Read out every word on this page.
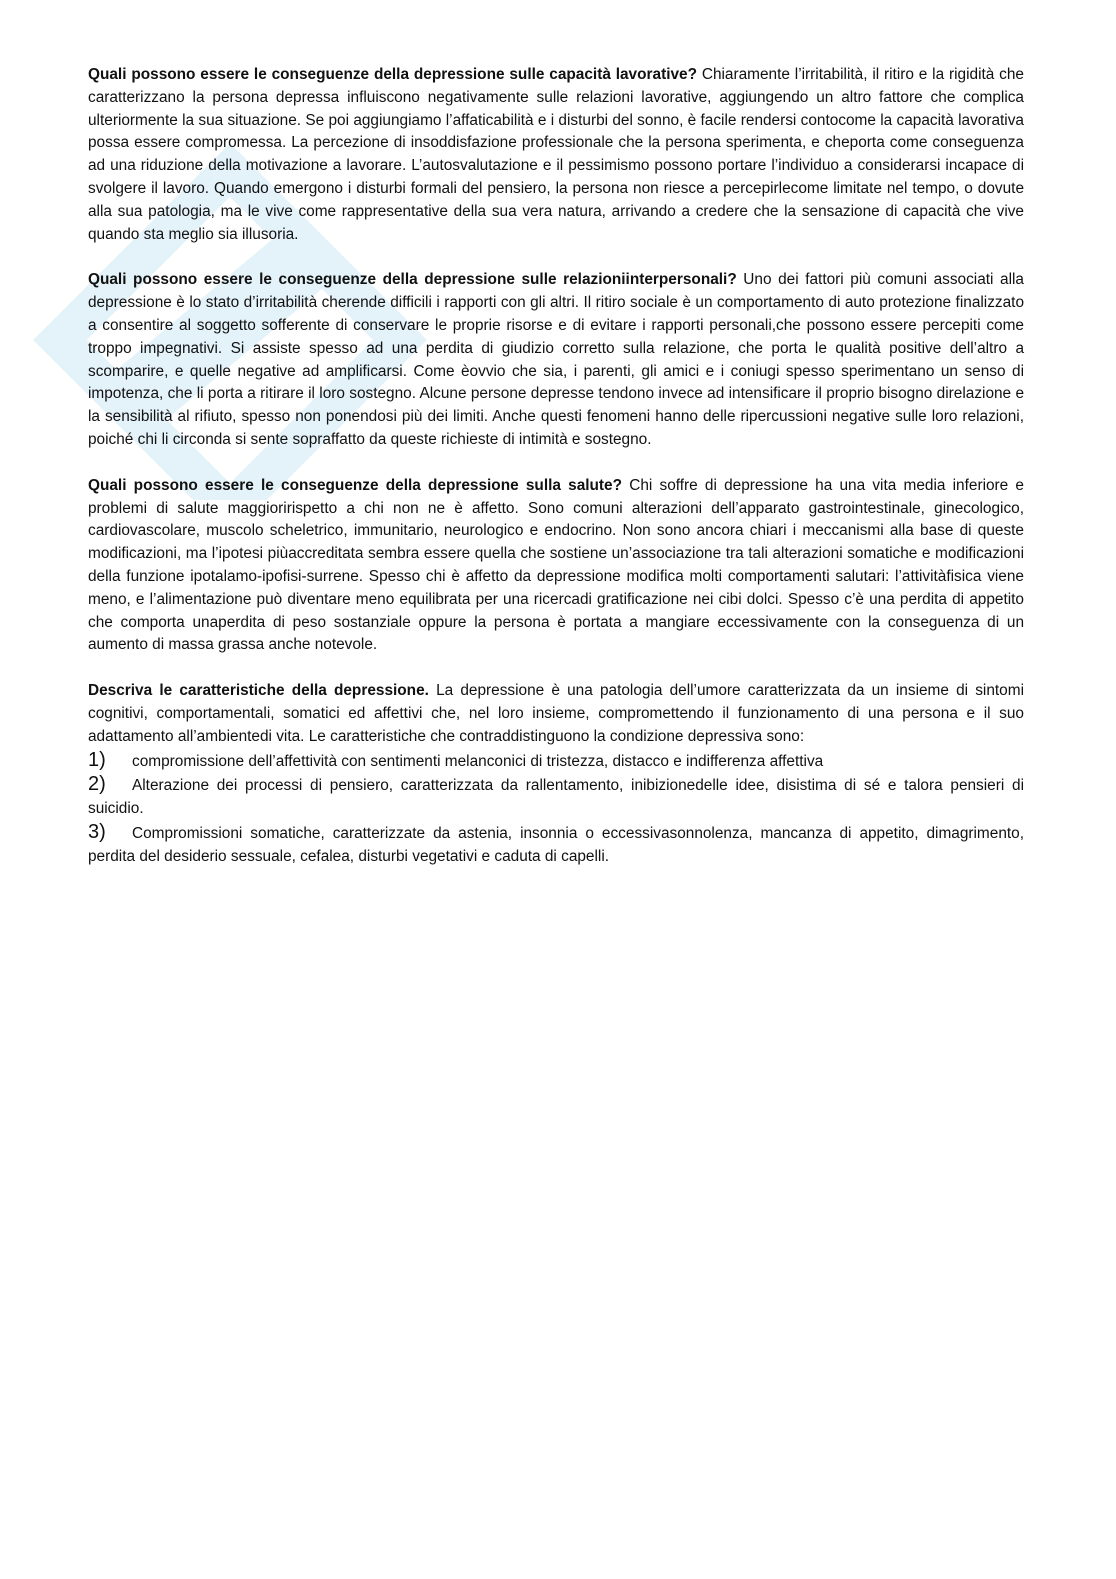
Quali possono essere le conseguenze della depressione sulle capacità lavorative? Chiaramente l’irritabilità, il ritiro e la rigidità che caratterizzano la persona depressa influiscono negativamente sulle relazioni lavorative, aggiungendo un altro fattore che complica ulteriormente la sua situazione. Se poi aggiungiamo l’affaticabilità e i disturbi del sonno, è facile rendersi contocome la capacità lavorativa possa essere compromessa. La percezione di insoddisfazione professionale che la persona sperimenta, e cheporta come conseguenza ad una riduzione della motivazione a lavorare. L’autosvalutazione e il pessimismo possono portare l’individuo a considerarsi incapace di svolgere il lavoro. Quando emergono i disturbi formali del pensiero, la persona non riesce a percepirlecome limitate nel tempo, o dovute alla sua patologia, ma le vive come rappresentative della sua vera natura, arrivando a credere che la sensazione di capacità che vive quando sta meglio sia illusoria.

Quali possono essere le conseguenze della depressione sulle relazioniinterpersonali? Uno dei fattori più comuni associati alla depressione è lo stato d’irritabilità cherende difficili i rapporti con gli altri. Il ritiro sociale è un comportamento di auto protezione finalizzato a consentire al soggetto sofferente di conservare le proprie risorse e di evitare i rapporti personali,che possono essere percepiti come troppo impegnativi. Si assiste spesso ad una perdita di giudizio corretto sulla relazione, che porta le qualità positive dell’altro a scomparire, e quelle negative ad amplificarsi. Come èovvio che sia, i parenti, gli amici e i coniugi spesso sperimentano un senso di impotenza, che li porta a ritirare il loro sostegno. Alcune persone depresse tendono invece ad intensificare il proprio bisogno direlazione e la sensibilità al rifiuto, spesso non ponendosi più dei limiti. Anche questi fenomeni hanno delle ripercussioni negative sulle loro relazioni, poiché chi li circonda si sente sopraffatto da queste richieste di intimità e sostegno.

Quali possono essere le conseguenze della depressione sulla salute? Chi soffre di depressione ha una vita media inferiore e problemi di salute maggioririspetto a chi non ne è affetto. Sono comuni alterazioni dell’apparato gastrointestinale, ginecologico, cardiovascolare, muscolo scheletrico, immunitario, neurologico e endocrino. Non sono ancora chiari i meccanismi alla base di queste modificazioni, ma l’ipotesi piùaccreditata sembra essere quella che sostiene un’associazione tra tali alterazioni somatiche e modificazioni della funzione ipotalamo-ipofisi-surrene. Spesso chi è affetto da depressione modifica molti comportamenti salutari: l’attivitàfisica viene meno, e l’alimentazione può diventare meno equilibrata per una ricercadi gratificazione nei cibi dolci. Spesso c’è una perdita di appetito che comporta unaperdita di peso sostanziale oppure la persona è portata a mangiare eccessivamente con la conseguenza di un aumento di massa grassa anche notevole.

Descriva le caratteristiche della depressione. La depressione è una patologia dell’umore caratterizzata da un insieme di sintomi cognitivi, comportamentali, somatici ed affettivi che, nel loro insieme, compromettendo il funzionamento di una persona e il suo adattamento all’ambientedi vita. Le caratteristiche che contraddistinguono la condizione depressiva sono:

1) compromissione dell’affettività con sentimenti melanconici di tristezza, distacco e indifferenza affettiva
2) Alterazione dei processi di pensiero, caratterizzata da rallentamento, inibizionedelle idee, disistima di sé e talora pensieri di suicidio.
3) Compromissioni somatiche, caratterizzate da astenia, insonnia o eccessivasonnolenza, mancanza di appetito, dimagrimento, perdita del desiderio sessuale, cefalea, disturbi vegetativi e caduta di capelli.
